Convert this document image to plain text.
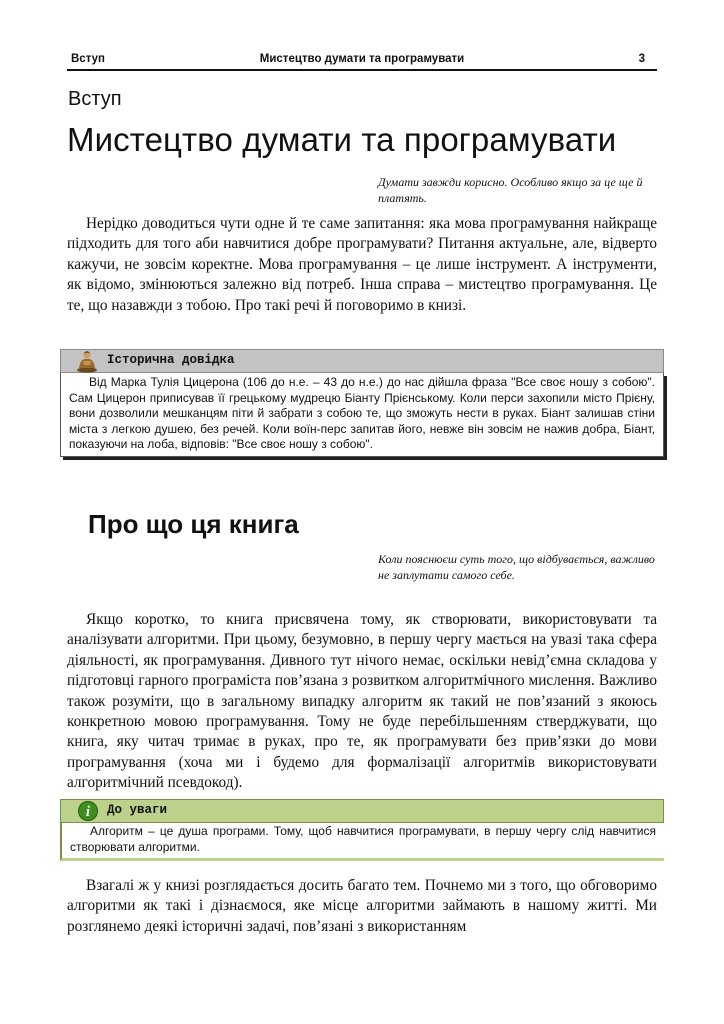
Вступ	Мистецтво думати та програмувати	3
Вступ
Мистецтво думати та програмувати
Думати завжди корисно. Особливо якщо за це ще й платять.
Нерідко доводиться чути одне й те саме запитання: яка мова програмування найкраще підходить для того аби навчитися добре програмувати? Питання актуальне, але, відверто кажучи, не зовсім коректне. Мова програмування – це лише інструмент. А інструменти, як відомо, змінюються залежно від потреб. Інша справа – мистецтво програмування. Це те, що назавжди з тобою. Про такі речі й поговоримо в книзі.
Історична довідка
Від Марка Тулія Цицерона (106 до н.е. – 43 до н.е.) до нас дійшла фраза "Все своє ношу з собою". Сам Цицерон приписував її грецькому мудрецю Біанту Прієнському. Коли перси захопили місто Прієну, вони дозволили мешканцям піти й забрати з собою те, що зможуть нести в руках. Біант залишав стіни міста з легкою душею, без речей. Коли воїн-перс запитав його, невже він зовсім не нажив добра, Біант, показуючи на лоба, відповів: "Все своє ношу з собою".
Про що ця книга
Коли пояснюєш суть того, що відбувається, важливо не заплутати самого себе.
Якщо коротко, то книга присвячена тому, як створювати, використовувати та аналізувати алгоритми. При цьому, безумовно, в першу чергу мається на увазі така сфера діяльності, як програмування. Дивного тут нічого немає, оскільки невід’ємна складова у підготовці гарного програміста пов’язана з розвитком алгоритмічного мислення. Важливо також розуміти, що в загальному випадку алгоритм як такий не пов’язаний з якоюсь конкретною мовою програмування. Тому не буде перебільшенням стверджувати, що книга, яку читач тримає в руках, про те, як програмувати без прив’язки до мови програмування (хоча ми і будемо для формалізації алгоритмів використовувати алгоритмічний псевдокод).
i До уваги
Алгоритм – це душа програми. Тому, щоб навчитися програмувати, в першу чергу слід навчитися створювати алгоритми.
Взагалі ж у книзі розглядається досить багато тем. Почнемо ми з того, що обговоримо алгоритми як такі і дізнаємося, яке місце алгоритми займають в нашому житті. Ми розглянемо деякі історичні задачі, пов’язані з використанням
